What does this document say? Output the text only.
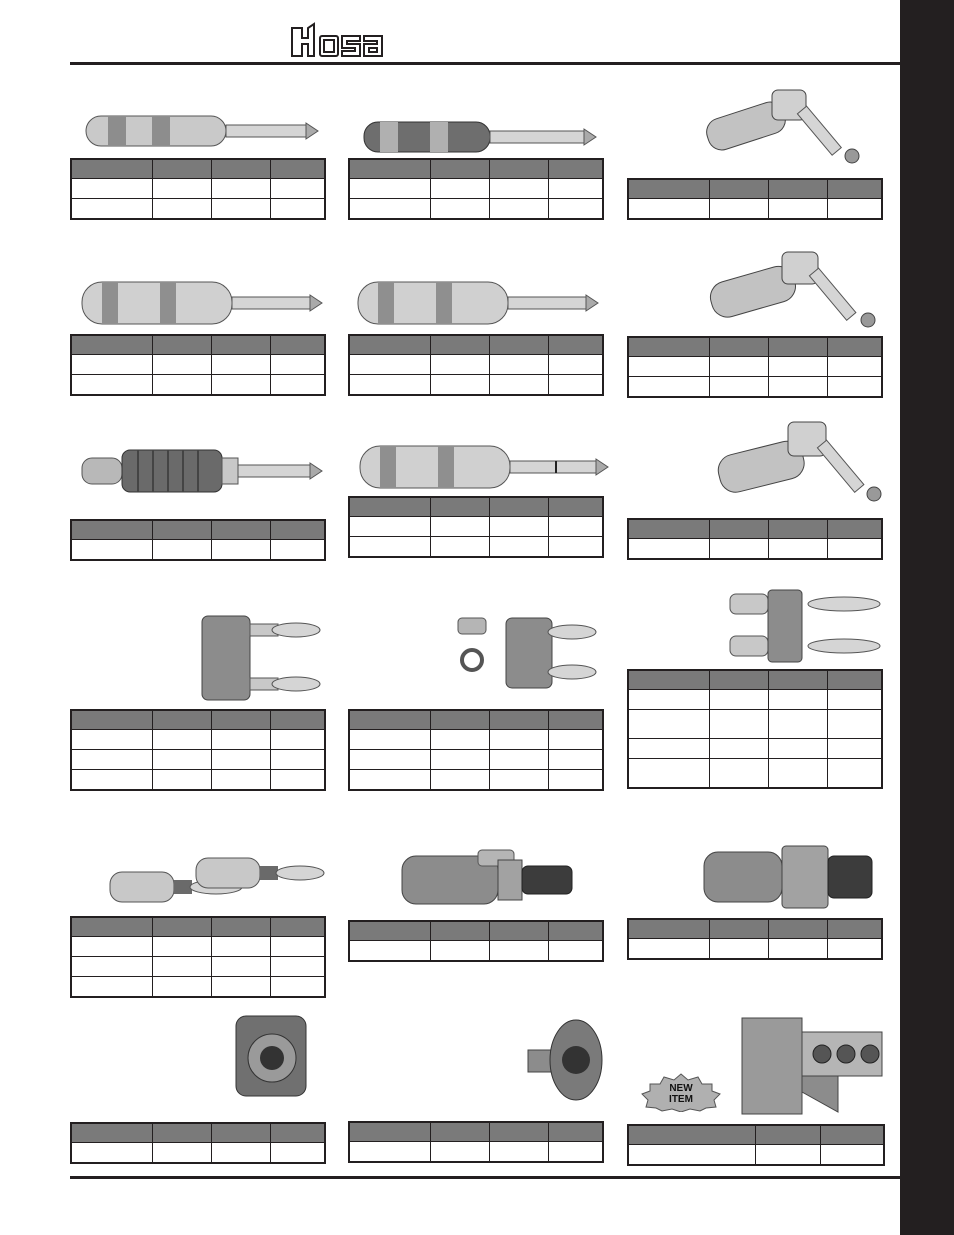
NEW
ITEM
